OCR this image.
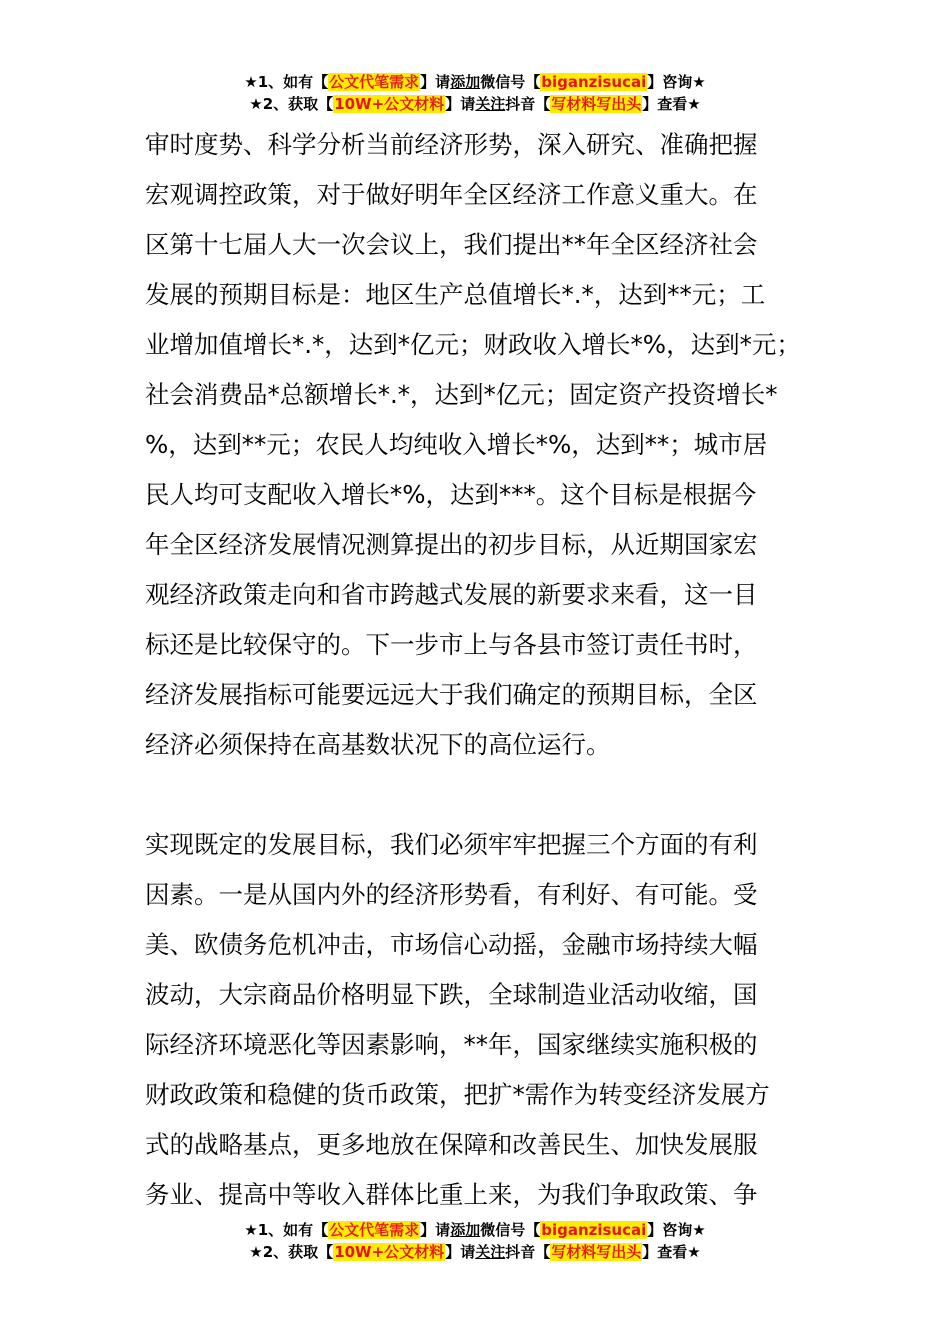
★1、如有【公文代笔需求】请添加微信号【biganzisucai】咨询★
★2、获取【10W+公文材料】请关注抖音【写材料写出头】查看★

审时度势、科学分析当前经济形势，深入研究、准确把握

宏观调控政策，对于做好明年全区经济工作意义重大。在

区第十七届人大一次会议上，我们提出**年全区经济社会

发展的预期目标是：地区生产总值增长*.*，达到**元；工

业增加值增长*.*，达到*亿元；财政收入增长*%，达到*元；

社会消费品*总额增长*.*，达到*亿元；固定资产投资增长*

%，达到**元；农民人均纯收入增长*%，达到**；城市居

民人均可支配收入增长*%，达到***。这个目标是根据今

年全区经济发展情况测算提出的初步目标，从近期国家宏

观经济政策走向和省市跨越式发展的新要求来看，这一目

标还是比较保守的。下一步市上与各县市签订责任书时，

经济发展指标可能要远远大于我们确定的预期目标，全区

经济必须保持在高基数状况下的高位运行。

实现既定的发展目标，我们必须牢牢把握三个方面的有利

因素。一是从国内外的经济形势看，有利好、有可能。受

美、欧债务危机冲击，市场信心动摇，金融市场持续大幅

波动，大宗商品价格明显下跌，全球制造业活动收缩，国

际经济环境恶化等因素影响，**年，国家继续实施积极的

财政政策和稳健的货币政策，把扩*需作为转变经济发展方

式的战略基点，更多地放在保障和改善民生、加快发展服

务业、提高中等收入群体比重上来，为我们争取政策、争

★1、如有【公文代笔需求】请添加微信号【biganzisucai】咨询★
★2、获取【10W+公文材料】请关注抖音【写材料写出头】查看★
